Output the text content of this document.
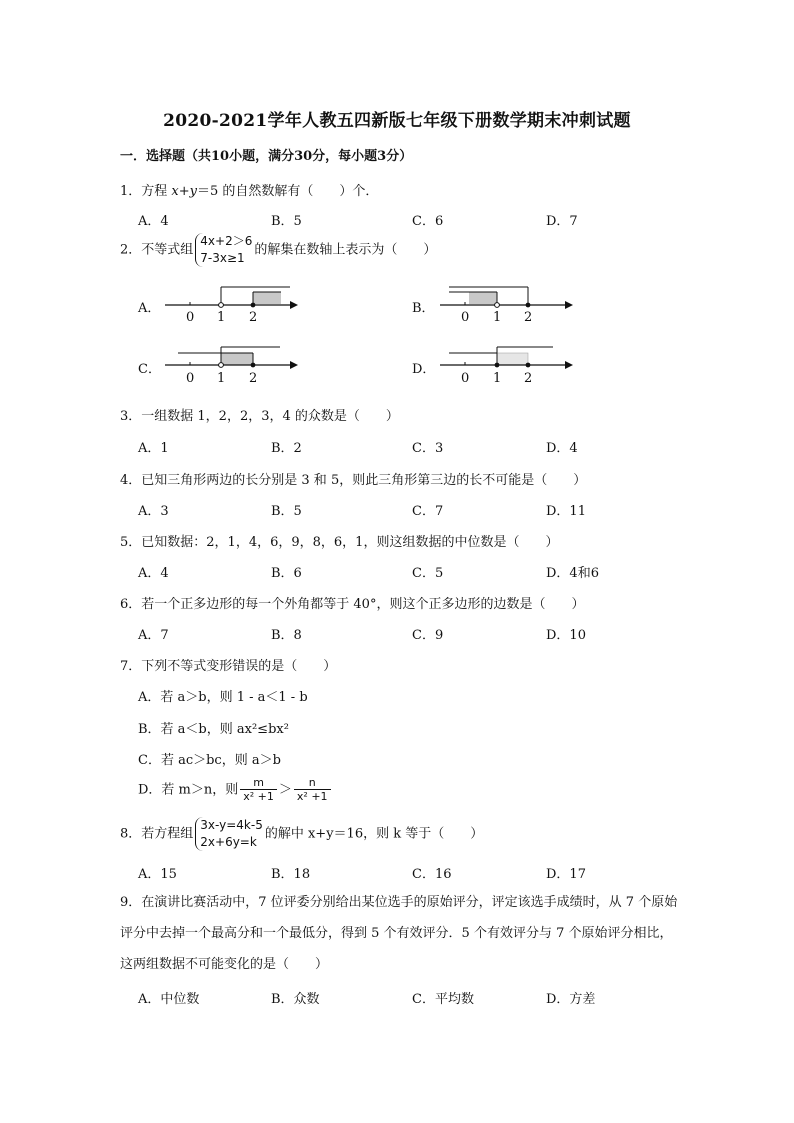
2020-2021学年人教五四新版七年级下册数学期末冲刺试题
一．选择题（共10小题，满分30分，每小题3分）
1．方程 x+y＝5 的自然数解有（　　）个．
A．4	B．5	C．6	D．7
2．不等式组4x+2＞6
7-3x≥1的解集在数轴上表示为（　　）
A．
0 1 2
B．
0 1 2
C．
0 1 2
D．
0 1 2
3．一组数据 1，2，2，3，4 的众数是（　　）
A．1	B．2	C．3	D．4
4．已知三角形两边的长分别是 3 和 5，则此三角形第三边的长不可能是（　　）
A．3	B．5	C．7	D．11
5．已知数据：2，1，4，6，9，8，6，1，则这组数据的中位数是（　　）
A．4	B．6	C．5	D．4和6
6．若一个正多边形的每一个外角都等于 40°，则这个正多边形的边数是（　　）
A．7	B．8	C．9	D．10
7．下列不等式变形错误的是（　　）
A．若 a＞b，则 1 - a＜1 - b
B．若 a＜b，则 ax²≤bx²
C．若 ac＞bc，则 a＞b
D．若 m＞n，则 $\frac{m}{\text{x² +1}} > \frac{n}{\text{x² +1}}$
8．若方程组3x-y=4k-5
2x+6y=k的解中 x+y＝16，则 k 等于（　　）
A．15	B．18	C．16	D．17
9．在演讲比赛活动中，7 位评委分别给出某位选手的原始评分，评定该选手成绩时，从 7 个原始评分中去掉一个最高分和一个最低分，得到 5 个有效评分．5 个有效评分与 7 个原始评分相比，这两组数据不可能变化的是（　　）
A．中位数	B．众数	C．平均数	D．方差
